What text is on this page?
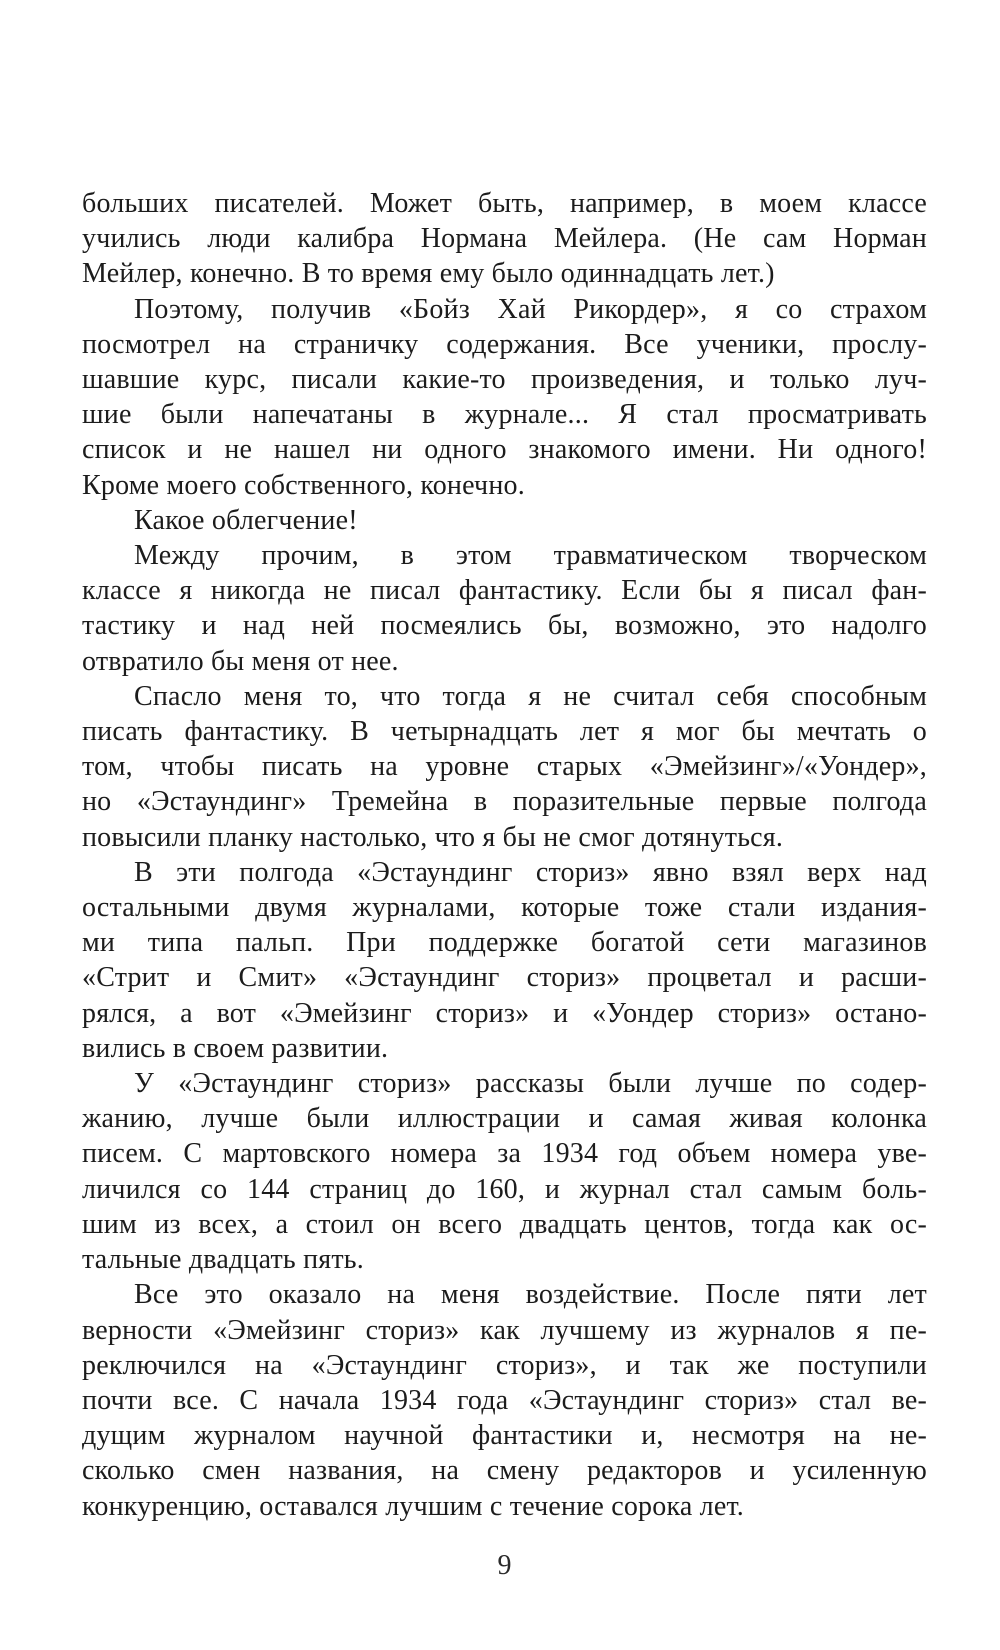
больших писателей. Может быть, например, в моем классе
учились люди калибра Нормана Мейлера. (Не сам Норман
Мейлер, конечно. В то время ему было одиннадцать лет.)
Поэтому, получив «Бойз Хай Рикордер», я со страхом
посмотрел на страничку содержания. Все ученики, прослу-
шавшие курс, писали какие-то произведения, и только луч-
шие были напечатаны в журнале... Я стал просматривать
список и не нашел ни одного знакомого имени. Ни одного!
Кроме моего собственного, конечно.
Какое облегчение!
Между прочим, в этом травматическом творческом
классе я никогда не писал фантастику. Если бы я писал фан-
тастику и над ней посмеялись бы, возможно, это надолго
отвратило бы меня от нее.
Спасло меня то, что тогда я не считал себя способным
писать фантастику. В четырнадцать лет я мог бы мечтать о
том, чтобы писать на уровне старых «Эмейзинг»/«Уондер»,
но «Эстаундинг» Тремейна в поразительные первые полгода
повысили планку настолько, что я бы не смог дотянуться.
В эти полгода «Эстаундинг сториз» явно взял верх над
остальными двумя журналами, которые тоже стали издания-
ми типа пальп. При поддержке богатой сети магазинов
«Стрит и Смит» «Эстаундинг сториз» процветал и расши-
рялся, а вот «Эмейзинг сториз» и «Уондер сториз» остано-
вились в своем развитии.
У «Эстаундинг сториз» рассказы были лучше по содер-
жанию, лучше были иллюстрации и самая живая колонка
писем. С мартовского номера за 1934 год объем номера уве-
личился со 144 страниц до 160, и журнал стал самым боль-
шим из всех, а стоил он всего двадцать центов, тогда как ос-
тальные двадцать пять.
Все это оказало на меня воздействие. После пяти лет
верности «Эмейзинг сториз» как лучшему из журналов я пе-
реключился на «Эстаундинг сториз», и так же поступили
почти все. С начала 1934 года «Эстаундинг сториз» стал ве-
дущим журналом научной фантастики и, несмотря на не-
сколько смен названия, на смену редакторов и усиленную
конкуренцию, оставался лучшим с течение сорока лет.
9
